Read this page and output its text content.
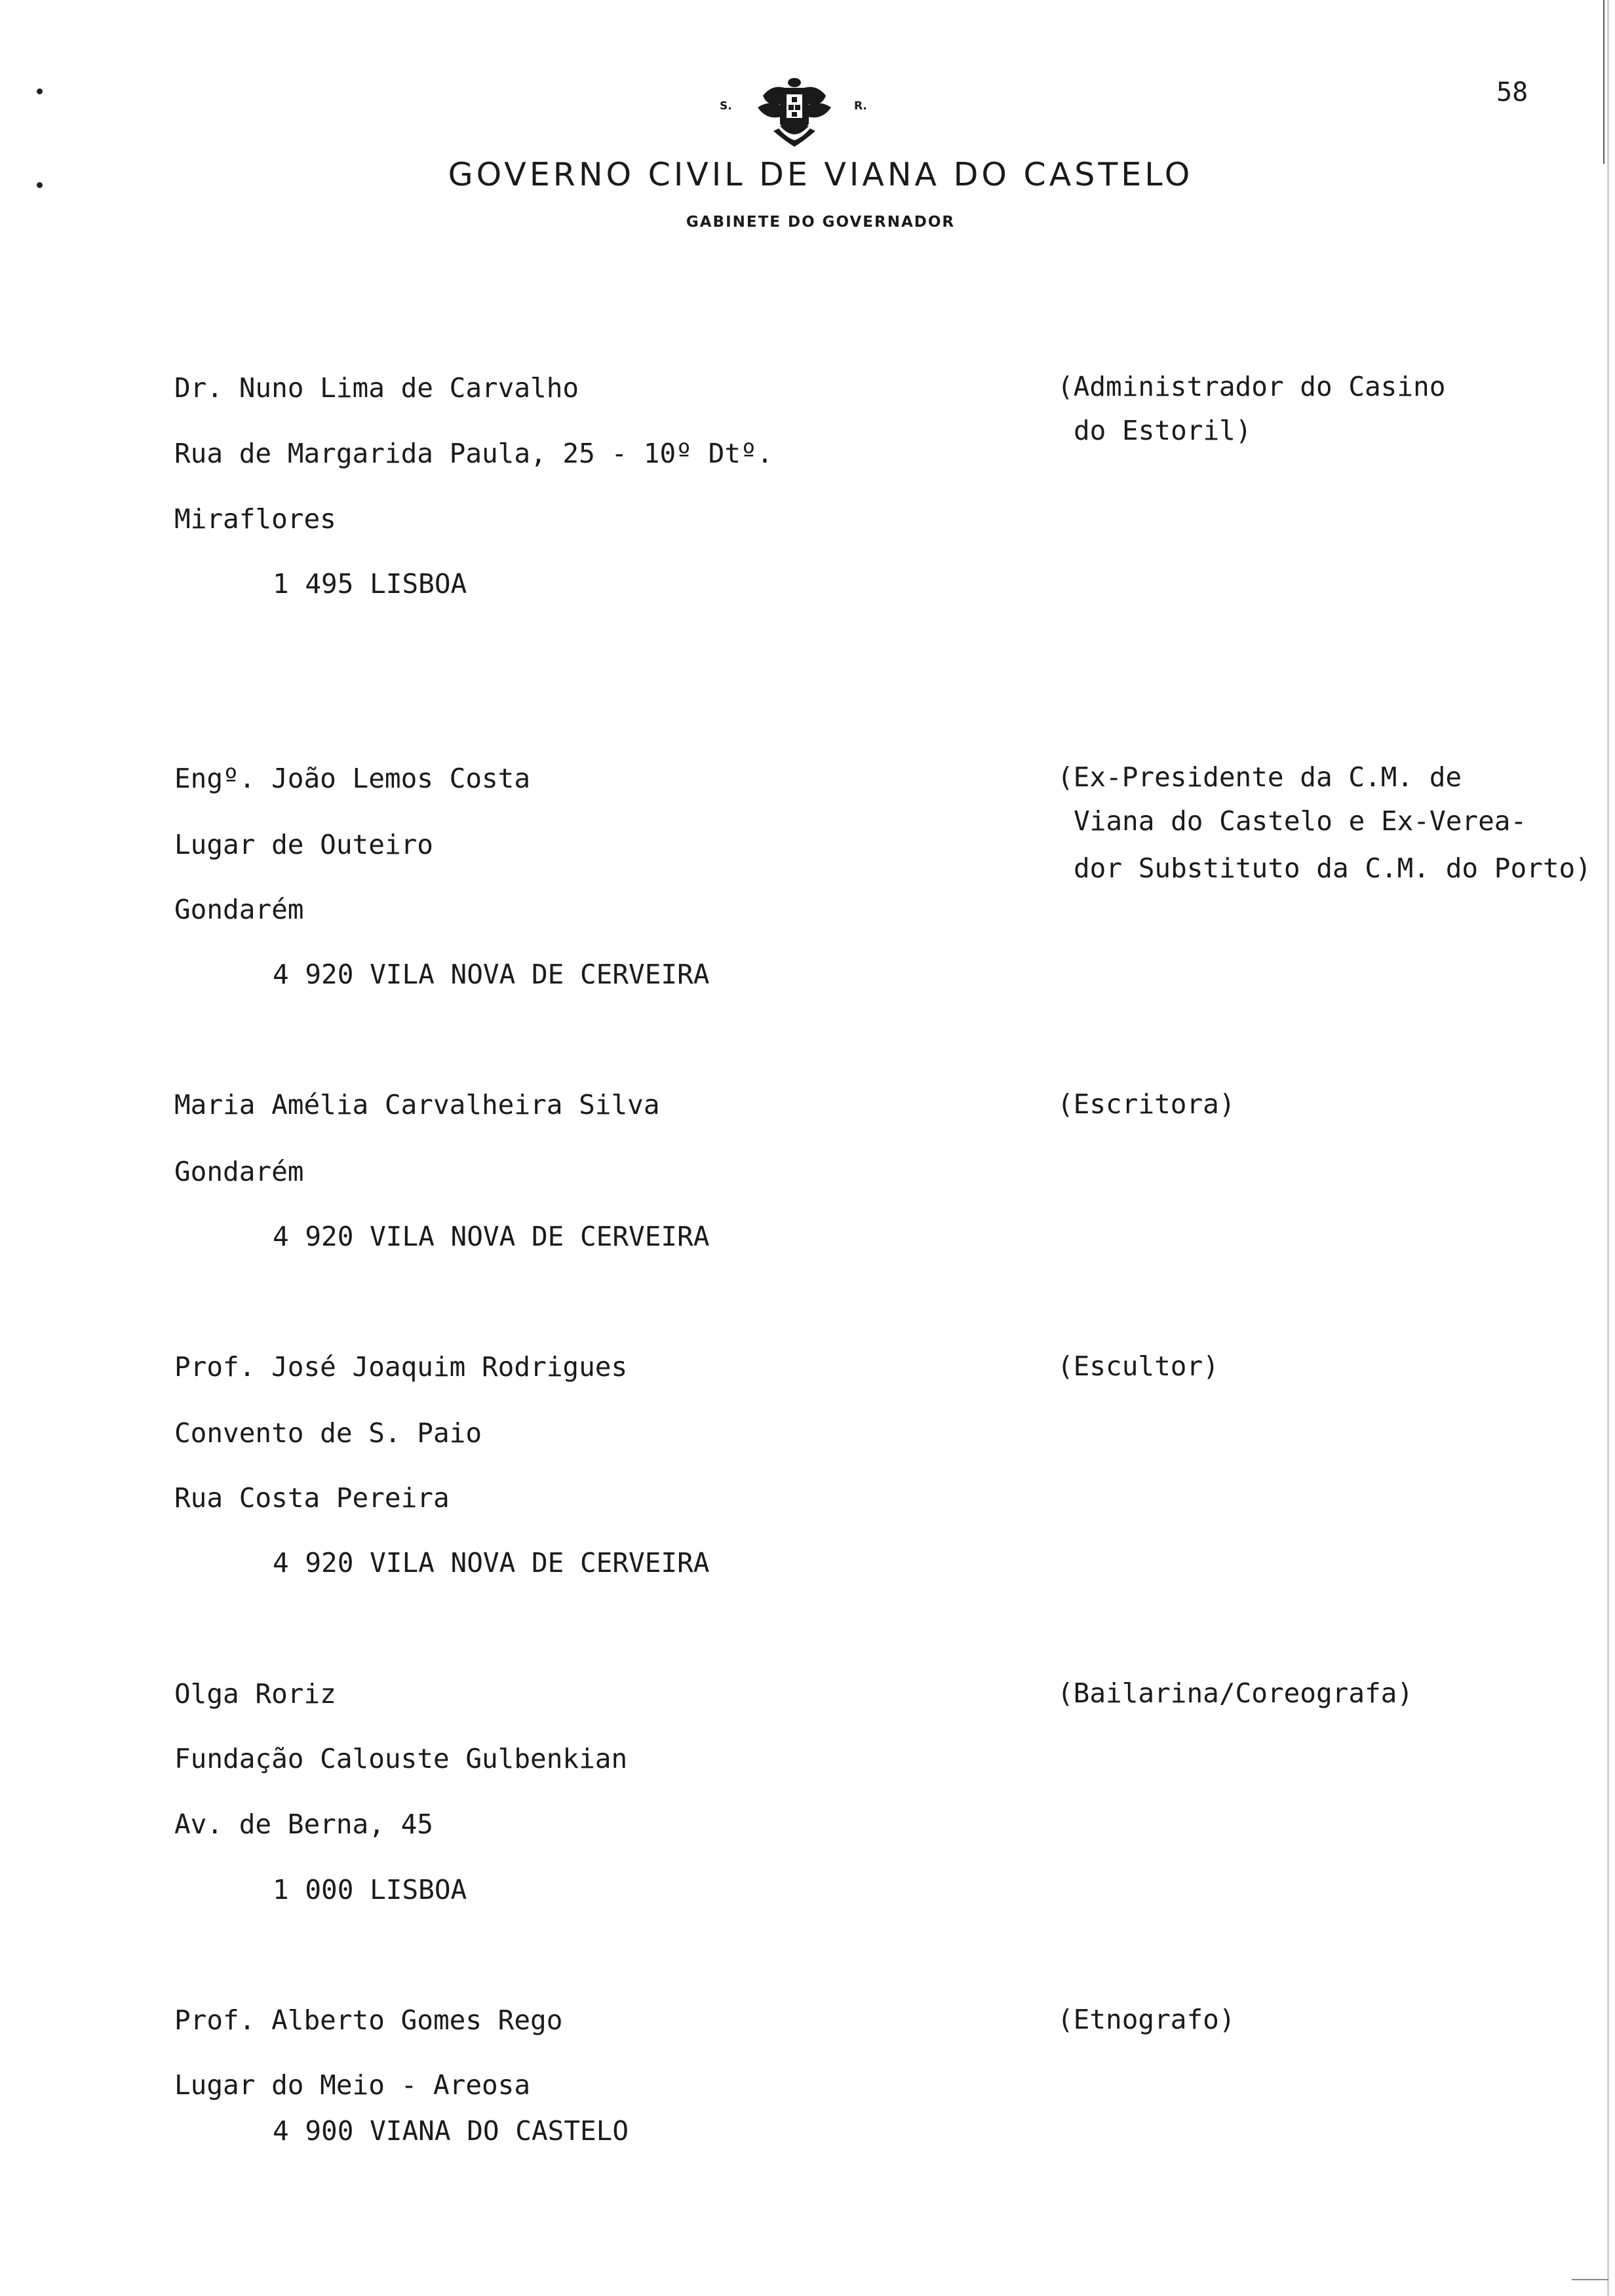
58
S.	R.
GOVERNO CIVIL DE VIANA DO CASTELO
GABINETE DO GOVERNADOR
Dr. Nuno Lima de Carvalho
Rua de Margarida Paula, 25 - 10º Dtº.
Miraflores
1 495 LISBOA
(Administrador do Casino
do Estoril)
Engº. João Lemos Costa
Lugar de Outeiro
Gondarém
4 920 VILA NOVA DE CERVEIRA
(Ex-Presidente da C.M. de
Viana do Castelo e Ex-Verea-
dor Substituto da C.M. do Porto)
Maria Amélia Carvalheira Silva
Gondarém
4 920 VILA NOVA DE CERVEIRA
(Escritora)
Prof. José Joaquim Rodrigues
Convento de S. Paio
Rua Costa Pereira
4 920 VILA NOVA DE CERVEIRA
(Escultor)
Olga Roriz
Fundação Calouste Gulbenkian
Av. de Berna, 45
1 000 LISBOA
(Bailarina/Coreografa)
Prof. Alberto Gomes Rego
Lugar do Meio - Areosa
4 900 VIANA DO CASTELO
(Etnografo)
